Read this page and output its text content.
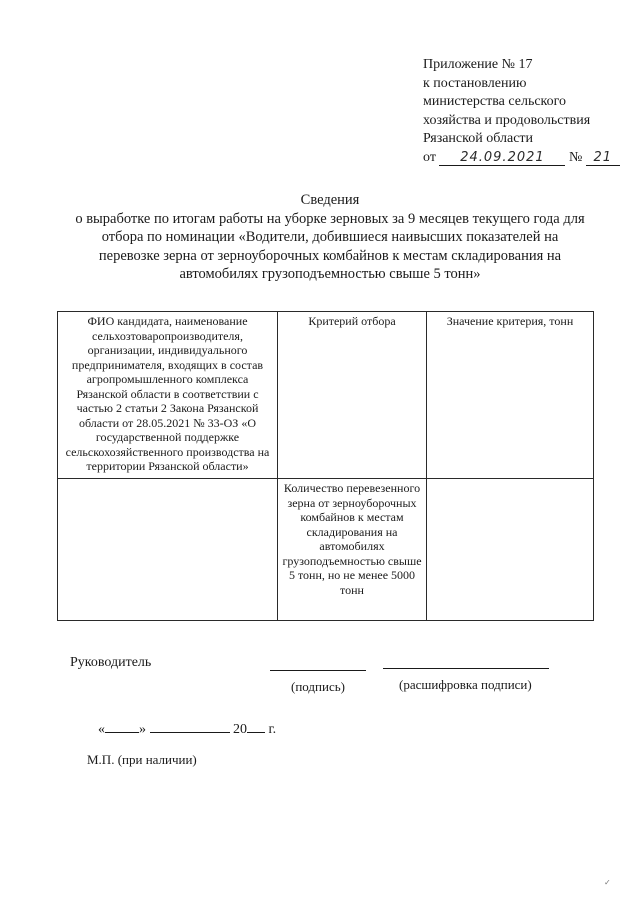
Приложение № 17
к постановлению
министерства сельского
хозяйства и продовольствия
Рязанской области
от 24.09.2021 № 21
Сведения
о выработке по итогам работы на уборке зерновых за 9 месяцев текущего года для
отбора по номинации «Водители, добившиеся наивысших показателей на
перевозке зерна от зерноуборочных комбайнов к местам складирования на
автомобилях грузоподъемностью свыше 5 тонн»
ФИО кандидата, наименование сельхозтоваропроизводителя, организации, индивидуального предпринимателя, входящих в состав агропромышленного комплекса Рязанской области в соответствии с частью 2 статьи 2 Закона Рязанской области от 28.05.2021 № 33-ОЗ «О государственной поддержке сельскохозяйственного производства на территории Рязанской области»	Критерий отбора	Значение критерия, тонн
	Количество перевезенного зерна от зерноуборочных комбайнов к местам складирования на автомобилях грузоподъемностью свыше 5 тонн, но не менее 5000 тонн	
Руководитель
(подпись)	(расшифровка подписи)
« »	20 г.
М.П. (при наличии)
✓
